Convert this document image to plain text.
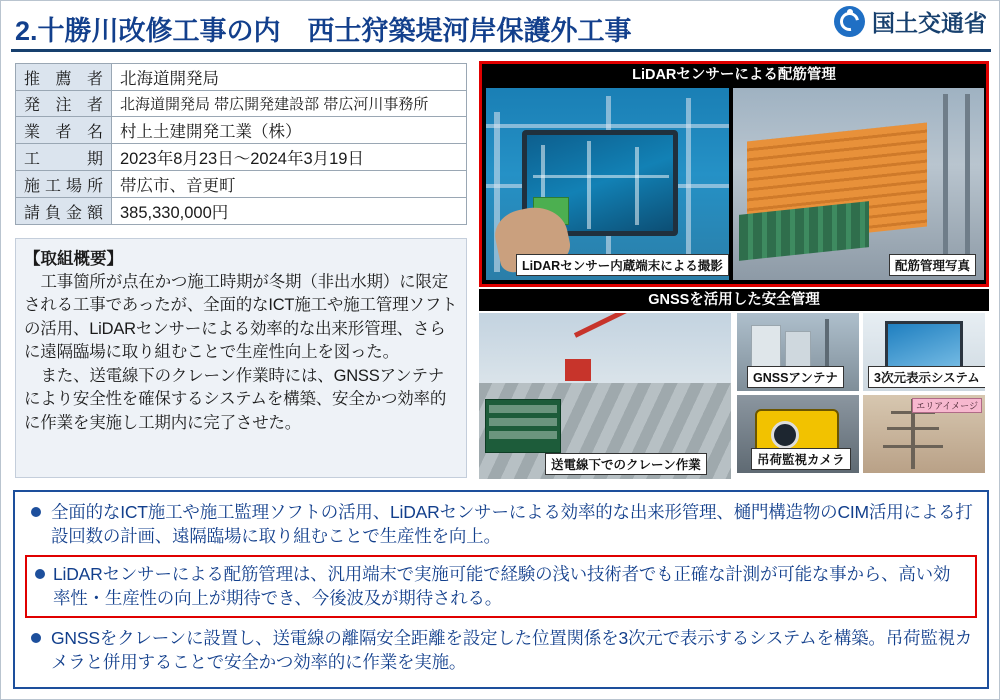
2.十勝川改修工事の内　西士狩築堤河岸保護外工事	国土交通省
推 薦 者	北海道開発局
発 注 者	北海道開発局 帯広開発建設部 帯広河川事務所
業 者 名	村上土建開発工業（株）
工　　期	2023年8月23日～2024年3月19日
施工場所	帯広市、音更町
請負金額	385,330,000円
【取組概要】

工事箇所が点在かつ施工時期が冬期（非出水期）に限定される工事であったが、全面的なICT施工や施工管理ソフトの活用、LiDARセンサーによる効率的な出来形管理、さらに遠隔臨場に取り組むことで生産性向上を図った。

また、送電線下のクレーン作業時には、GNSSアンテナにより安全性を確保するシステムを構築、安全かつ効率的に作業を実施し工期内に完了させた。

LiDARセンサーによる配筋管理
LiDARセンサー内蔵端末による撮影	配筋管理写真
GNSSを活用した安全管理
送電線下でのクレーン作業
GNSSアンテナ	3次元表示システム
吊荷監視カメラ
エリアイメージ
全面的なICT施工や施工監理ソフトの活用、LiDARセンサーによる効率的な出来形管理、樋門構造物のCIM活用による打設回数の計画、遠隔臨場に取り組むことで生産性を向上。
LiDARセンサーによる配筋管理は、汎用端末で実施可能で経験の浅い技術者でも正確な計測が可能な事から、高い効率性・生産性の向上が期待でき、今後波及が期待される。
GNSSをクレーンに設置し、送電線の離隔安全距離を設定した位置関係を3次元で表示するシステムを構築。吊荷監視カメラと併用することで安全かつ効率的に作業を実施。
